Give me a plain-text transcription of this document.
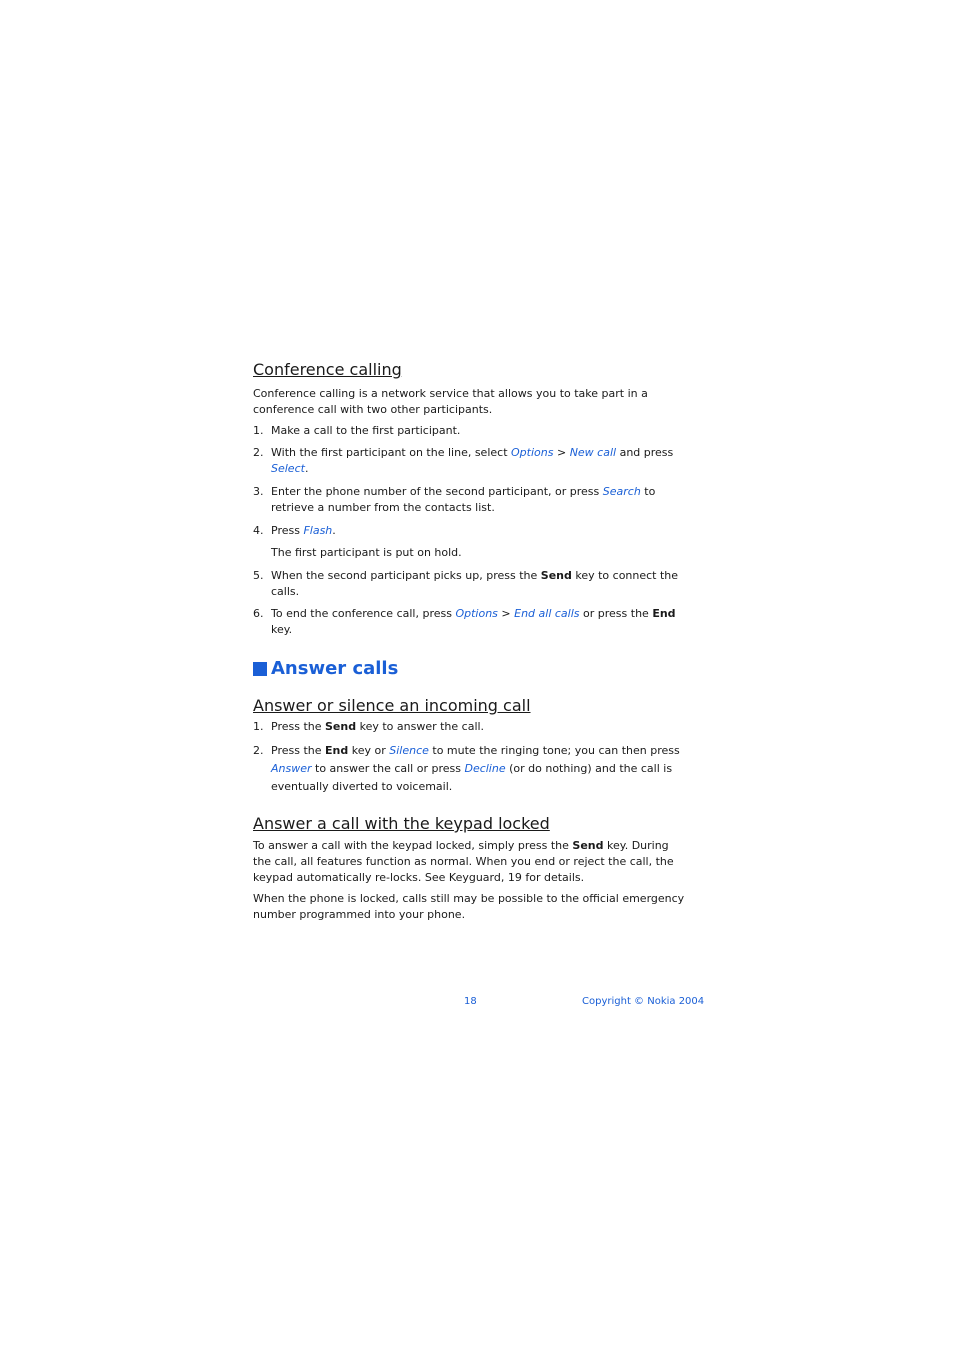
Conference calling

Conference calling is a network service that allows you to take part in a conference call with two other participants.

1. Make a call to the first participant.
2. With the first participant on the line, select Options > New call and press Select.
3. Enter the phone number of the second participant, or press Search to retrieve a number from the contacts list.
4. Press Flash.
The first participant is put on hold.
5. When the second participant picks up, press the Send key to connect the calls.
6. To end the conference call, press Options > End all calls or press the End key.
Answer calls
Answer or silence an incoming call
1. Press the Send key to answer the call.
2. Press the End key or Silence to mute the ringing tone; you can then press Answer to answer the call or press Decline (or do nothing) and the call is eventually diverted to voicemail.
Answer a call with the keypad locked

To answer a call with the keypad locked, simply press the Send key. During the call, all features function as normal. When you end or reject the call, the keypad automatically re-locks. See Keyguard, 19 for details.

When the phone is locked, calls still may be possible to the official emergency number programmed into your phone.

18	Copyright © Nokia 2004
